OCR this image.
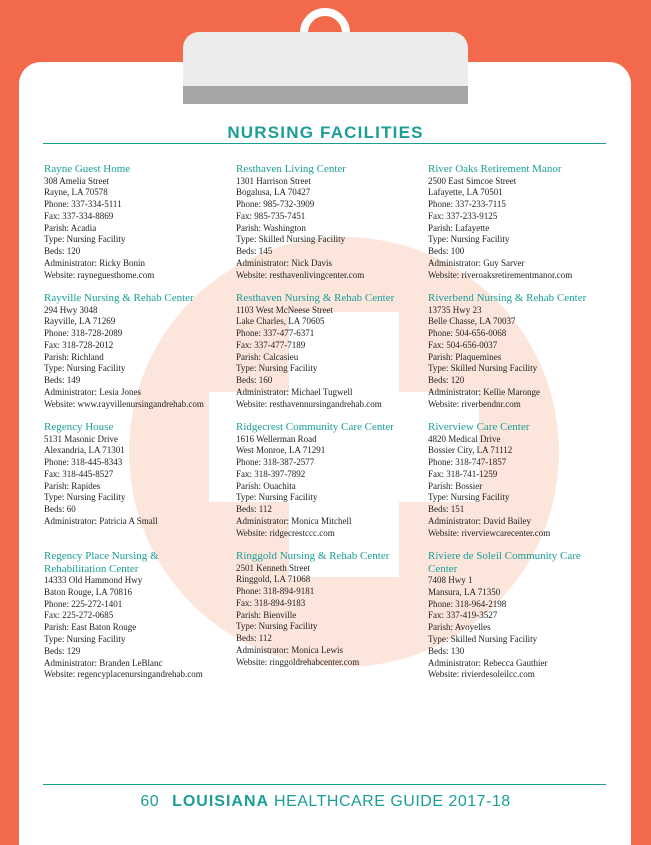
NURSING FACILITIES
Rayne Guest Home
308 Amelia Street
Rayne, LA 70578
Phone: 337-334-5111
Fax: 337-334-8869
Parish: Acadia
Type: Nursing Facility
Beds: 120
Administrator: Ricky Bonin
Website: rayneguesthome.com
Rayville Nursing & Rehab Center
294 Hwy 3048
Rayville, LA 71269
Phone: 318-728-2089
Fax: 318-728-2012
Parish: Richland
Type: Nursing Facility
Beds: 149
Administrator: Lesia Jones
Website: www.rayvillenursingandrehab.com
Regency House
5131 Masonic Drive
Alexandria, LA 71301
Phone: 318-445-8343
Fax: 318-445-8527
Parish: Rapides
Type: Nursing Facility
Beds: 60
Administrator: Patricia A Small
Regency Place Nursing & Rehabilitation Center
14333 Old Hammond Hwy
Baton Rouge, LA 70816
Phone: 225-272-1401
Fax: 225-272-0685
Parish: East Baton Rouge
Type: Nursing Facility
Beds: 129
Administrator: Branden LeBlanc
Website: regencyplacenursingandrehab.com
Resthaven Living Center
1301 Harrison Street
Bogalusa, LA 70427
Phone: 985-732-3909
Fax: 985-735-7451
Parish: Washington
Type: Skilled Nursing Facility
Beds: 145
Administrator: Nick Davis
Website: resthavenlivingcenter.com
Resthaven Nursing & Rehab Center
1103 West McNeese Street
Lake Charles, LA 70605
Phone: 337-477-6371
Fax: 337-477-7189
Parish: Calcasieu
Type: Nursing Facility
Beds: 160
Administrator: Michael Tugwell
Website: resthavennursingandrehab.com
Ridgecrest Community Care Center
1616 Wellerman Road
West Monroe, LA 71291
Phone: 318-387-2577
Fax: 318-397-7892
Parish: Ouachita
Type: Nursing Facility
Beds: 112
Administrator: Monica Mitchell
Website: ridgecrestccc.com
Ringgold Nursing & Rehab Center
2501 Kenneth Street
Ringgold, LA 71068
Phone: 318-894-9181
Fax: 318-894-9183
Parish: Bienville
Type: Nursing Facility
Beds: 112
Administrator: Monica Lewis
Website: ringgoldrehabcenter.com
River Oaks Retirement Manor
2500 East Simcoe Street
Lafayette, LA 70501
Phone: 337-233-7115
Fax: 337-233-9125
Parish: Lafayette
Type: Nursing Facility
Beds: 100
Administrator: Guy Sarver
Website: riveroaksretirementmanor.com
Riverbend Nursing & Rehab Center
13735 Hwy 23
Belle Chasse, LA 70037
Phone: 504-656-0068
Fax: 504-656-0037
Parish: Plaquemines
Type: Skilled Nursing Facility
Beds: 120
Administrator: Kellie Maronge
Website: riverbendnr.com
Riverview Care Center
4820 Medical Drive
Bossier City, LA 71112
Phone: 318-747-1857
Fax: 318-741-1259
Parish: Bossier
Type: Nursing Facility
Beds: 151
Administrator: David Bailey
Website: riverviewcarecenter.com
Riviere de Soleil Community Care Center
7408 Hwy 1
Mansura, LA 71350
Phone: 318-964-2198
Fax: 337-419-3527
Parish: Avoyelles
Type: Skilled Nursing Facility
Beds: 130
Administrator: Rebecca Gauthier
Website: rivierdesoleilcc.com
60 LOUISIANA HEALTHCARE GUIDE 2017-18
